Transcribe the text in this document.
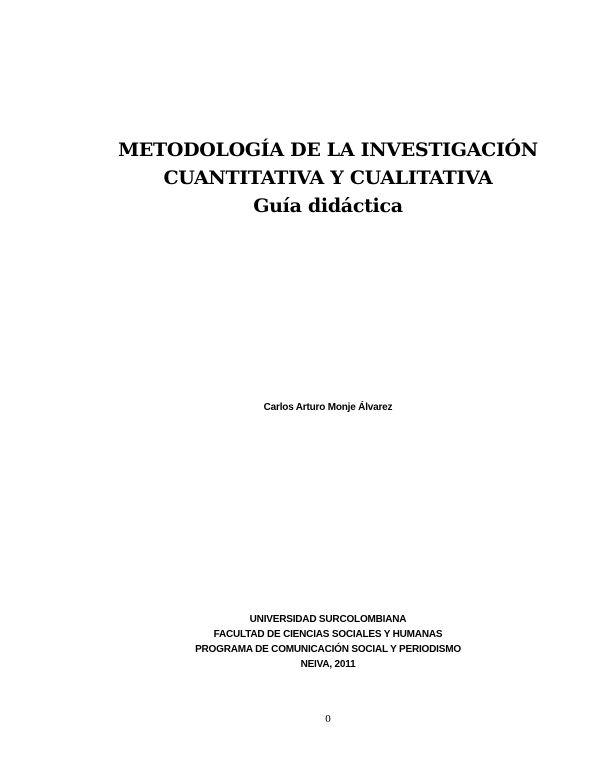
METODOLOGÍA DE LA INVESTIGACIÓN
CUANTITATIVA Y CUALITATIVA
Guía didáctica
Carlos Arturo Monje Álvarez
UNIVERSIDAD SURCOLOMBIANA
FACULTAD DE CIENCIAS SOCIALES Y HUMANAS
PROGRAMA DE COMUNICACIÓN SOCIAL Y PERIODISMO
NEIVA, 2011
0
